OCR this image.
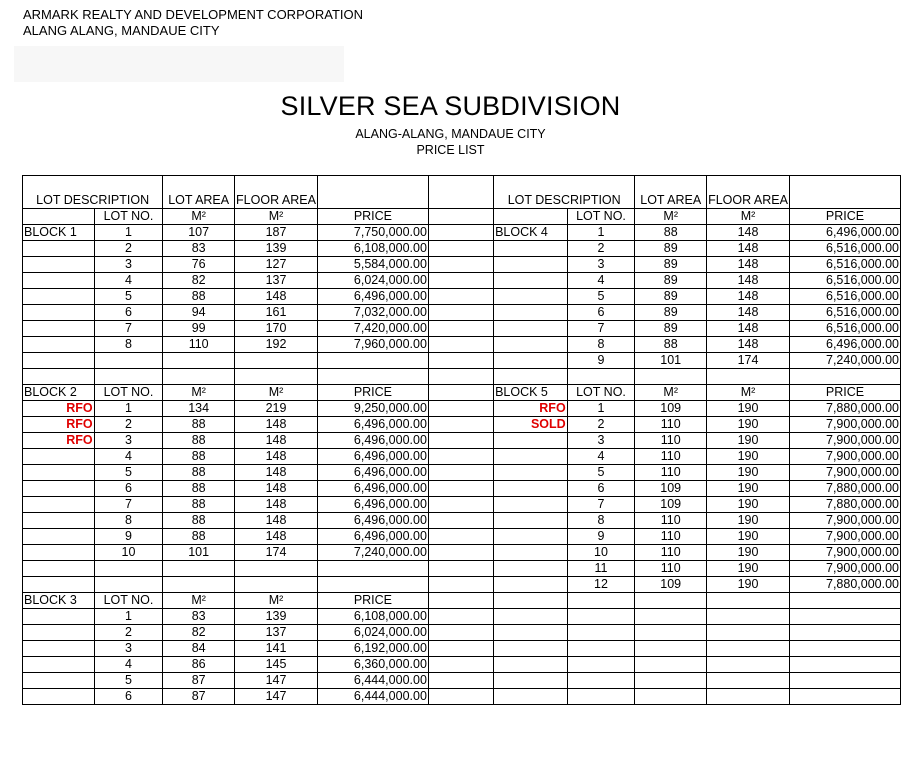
ARMARK REALTY AND DEVELOPMENT CORPORATION
ALANG ALANG, MANDAUE CITY
SILVER SEA SUBDIVISION
ALANG-ALANG, MANDAUE CITY
PRICE LIST
LOT DESCRIPTION		LOT AREA	FLOOR AREA			LOT DESCRIPTION		LOT AREA	FLOOR AREA	
	LOT NO.	M²	M²	PRICE			LOT NO.	M²	M²	PRICE
BLOCK 1	1	107	187	7,750,000.00		BLOCK 4	1	88	148	6,496,000.00
	2	83	139	6,108,000.00			2	89	148	6,516,000.00
	3	76	127	5,584,000.00			3	89	148	6,516,000.00
	4	82	137	6,024,000.00			4	89	148	6,516,000.00
	5	88	148	6,496,000.00			5	89	148	6,516,000.00
	6	94	161	7,032,000.00			6	89	148	6,516,000.00
	7	99	170	7,420,000.00			7	89	148	6,516,000.00
	8	110	192	7,960,000.00			8	88	148	6,496,000.00
							9	101	174	7,240,000.00

BLOCK 2	LOT NO.	M²	M²	PRICE		BLOCK 5	LOT NO.	M²	M²	PRICE
RFO	1	134	219	9,250,000.00		RFO	1	109	190	7,880,000.00
RFO	2	88	148	6,496,000.00		SOLD	2	110	190	7,900,000.00
RFO	3	88	148	6,496,000.00			3	110	190	7,900,000.00
	4	88	148	6,496,000.00			4	110	190	7,900,000.00
	5	88	148	6,496,000.00			5	110	190	7,900,000.00
	6	88	148	6,496,000.00			6	109	190	7,880,000.00
	7	88	148	6,496,000.00			7	109	190	7,880,000.00
	8	88	148	6,496,000.00			8	110	190	7,900,000.00
	9	88	148	6,496,000.00			9	110	190	7,900,000.00
	10	101	174	7,240,000.00			10	110	190	7,900,000.00
							11	110	190	7,900,000.00
							12	109	190	7,880,000.00
BLOCK 3	LOT NO.	M²	M²	PRICE						
	1	83	139	6,108,000.00						
	2	82	137	6,024,000.00						
	3	84	141	6,192,000.00						
	4	86	145	6,360,000.00						
	5	87	147	6,444,000.00						
	6	87	147	6,444,000.00						
